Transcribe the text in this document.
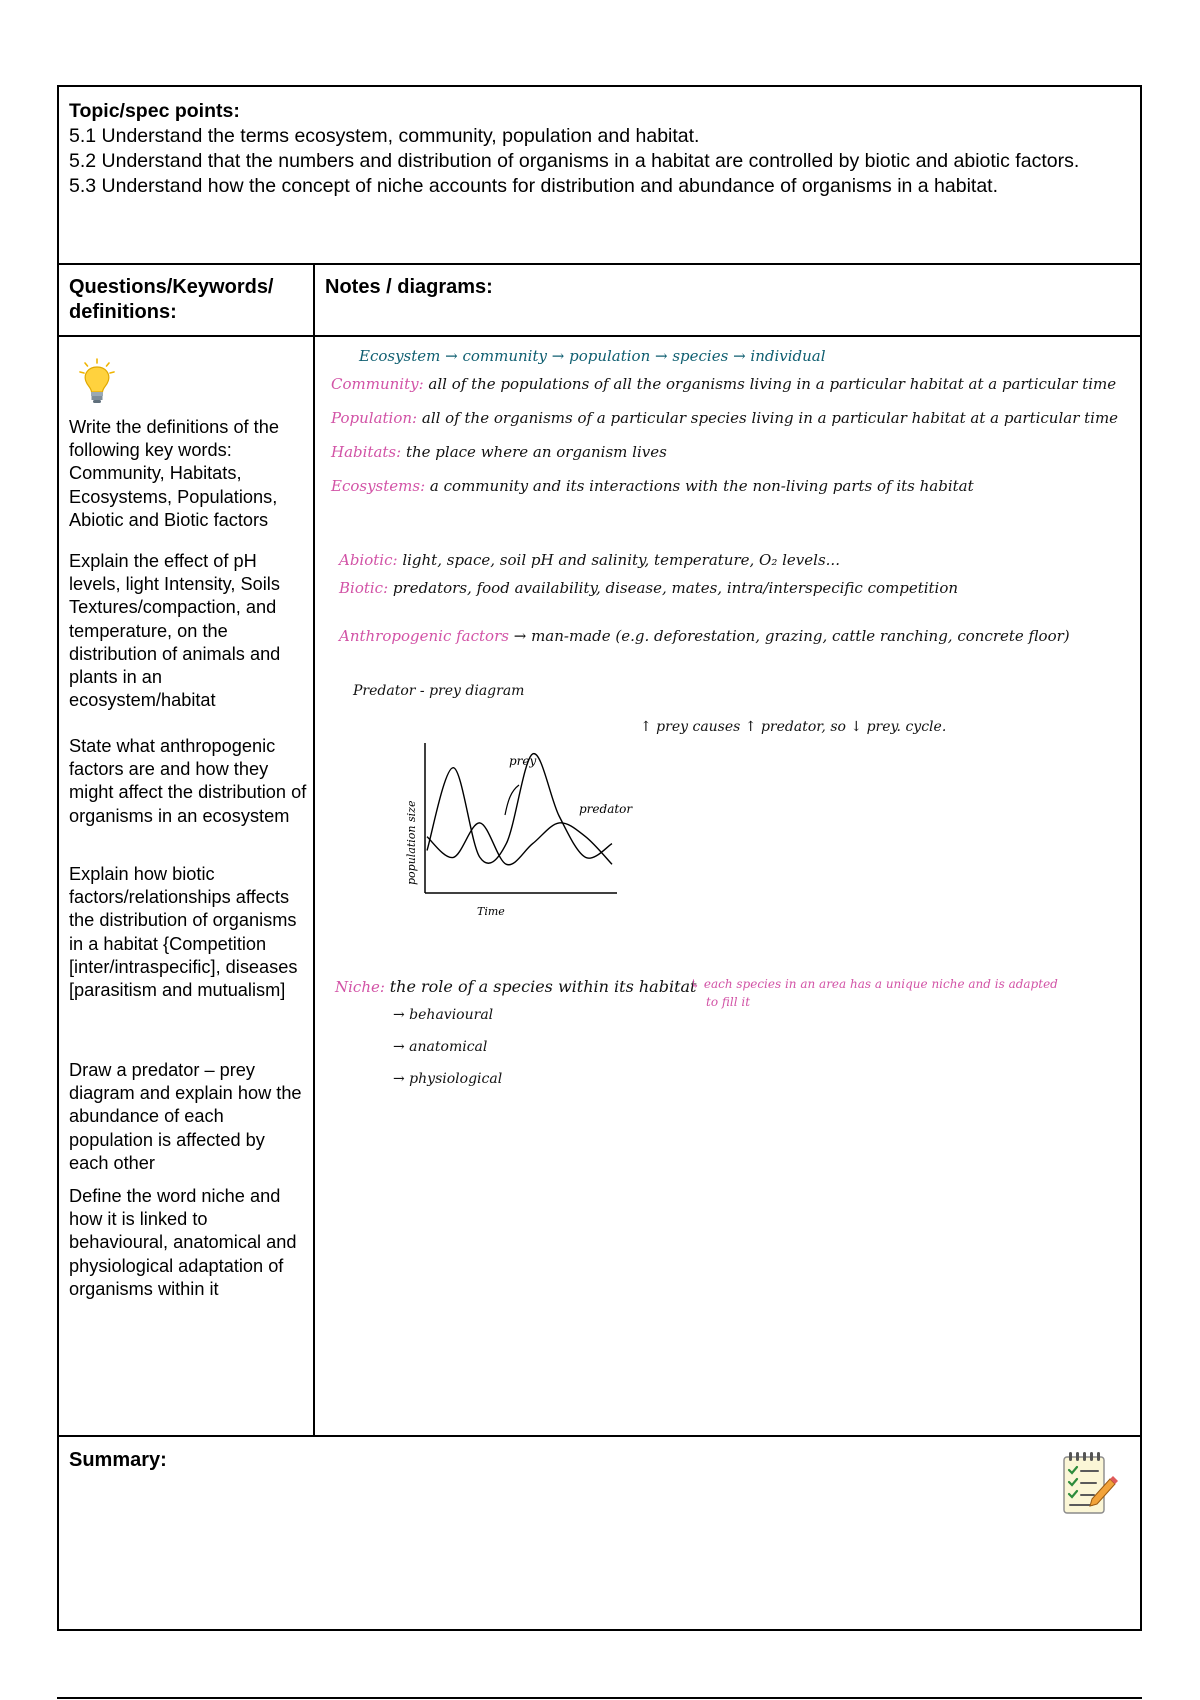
Topic/spec points:
5.1 Understand the terms ecosystem, community, population and habitat.
5.2 Understand that the numbers and distribution of organisms in a habitat are controlled by biotic and abiotic factors.
5.3 Understand how the concept of niche accounts for distribution and abundance of organisms in a habitat.
Questions/Keywords/ definitions:
Notes / diagrams:

Write the definitions of the following key words: Community, Habitats, Ecosystems, Populations, Abiotic and Biotic factors

Explain the effect of pH levels, light Intensity, Soils Textures/compaction, and temperature, on the distribution of animals and plants in an ecosystem/habitat

State what anthropogenic factors are and how they might affect the distribution of organisms in an ecosystem

Explain how biotic factors/relationships affects the distribution of organisms in a habitat {Competition [inter/intraspecific], diseases [parasitism and mutualism]

Draw a predator – prey diagram and explain how the abundance of each population is affected by each other

Define the word niche and how it is linked to behavioural, anatomical and physiological adaptation of organisms within it

Ecosystem → community → population → species → individual
Community: all of the populations of all the organisms living in a particular habitat at a particular time
Population: all of the organisms of a particular species living in a particular habitat at a particular time
Habitats: the place where an organism lives
Ecosystems: a community and its interactions with the non-living parts of its habitat
Abiotic: light, space, soil pH and salinity, temperature, O₂ levels...
Biotic: predators, food availability, disease, mates, intra/interspecific competition
Anthropogenic factors → man-made (e.g. deforestation, grazing, cattle ranching, concrete floor)
Predator - prey diagram
↑ prey causes ↑ predator, so ↓ prey. cycle.
prey
predator
Time
population size
Niche: the role of a species within its habitat
↳ each species in an area has a unique niche and is adapted
to fill it
→ behavioural
→ anatomical
→ physiological
Summary:
